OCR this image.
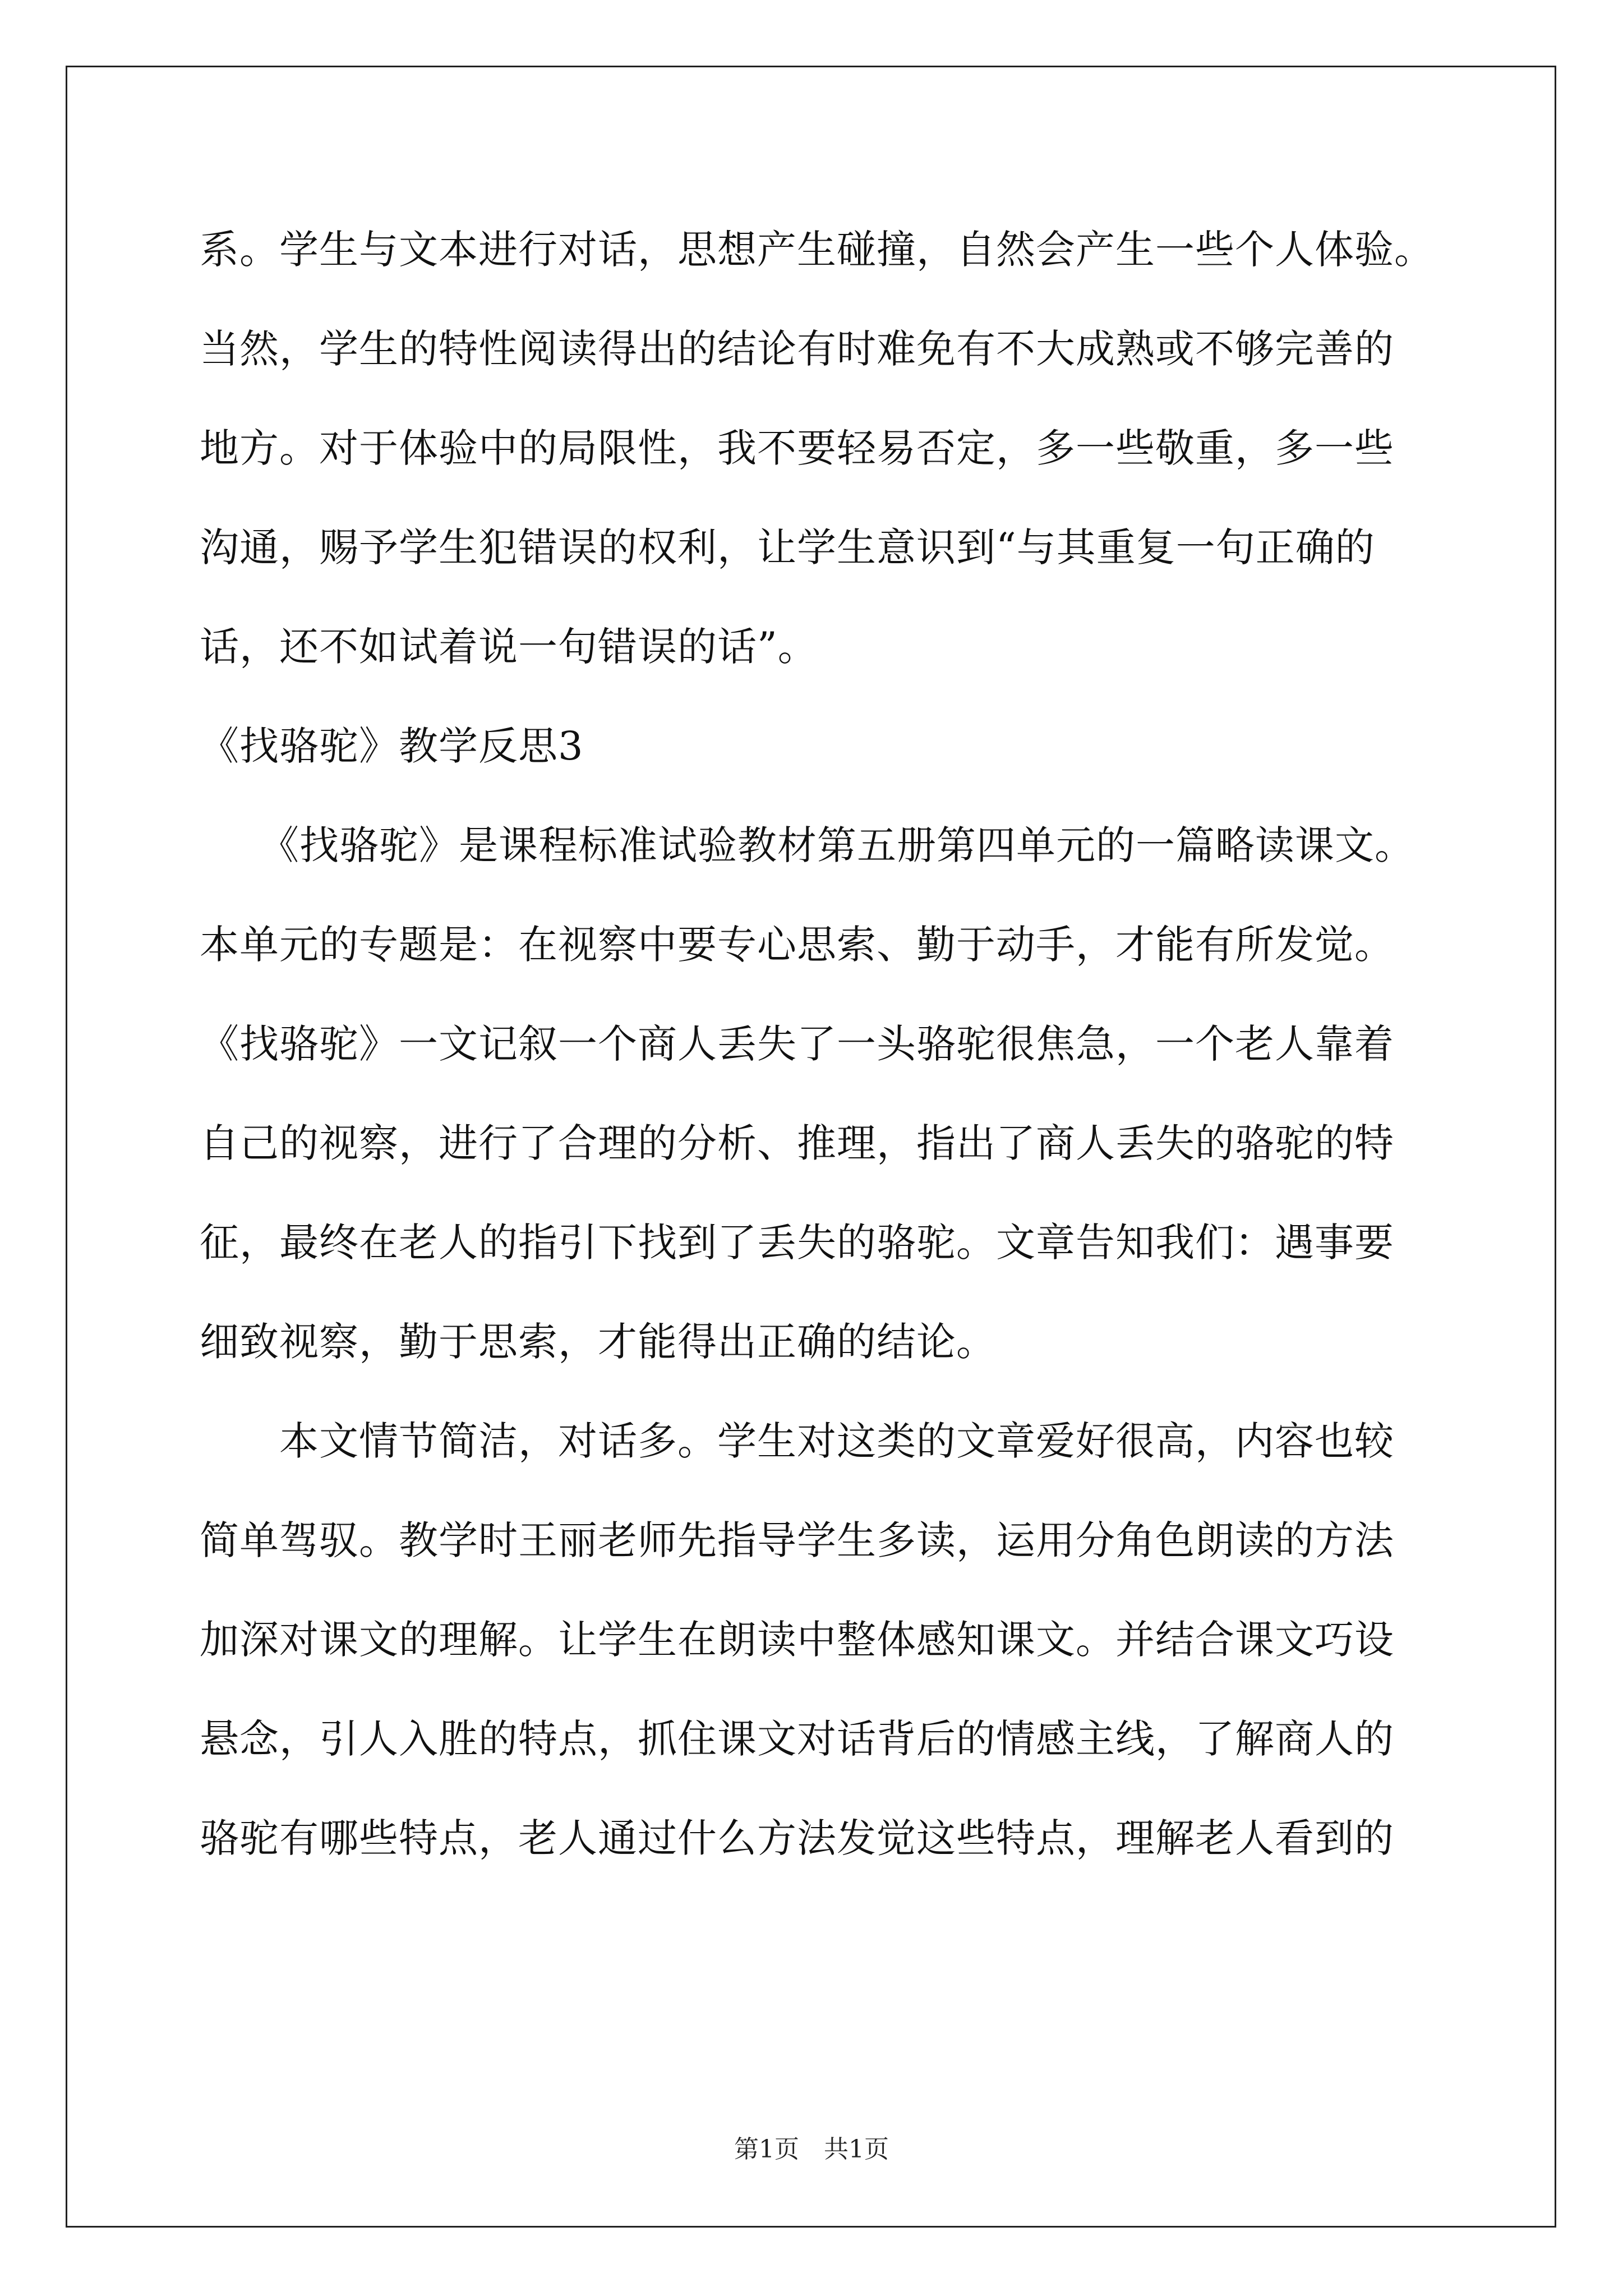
系。学生与文本进行对话，思想产生碰撞，自然会产生一些个人体验。
当然，学生的特性阅读得出的结论有时难免有不大成熟或不够完善的
地方。对于体验中的局限性，我不要轻易否定，多一些敬重，多一些
沟通，赐予学生犯错误的权利，让学生意识到“与其重复一句正确的
话，还不如试着说一句错误的话”。
《找骆驼》教学反思3
　　《找骆驼》是课程标准试验教材第五册第四单元的一篇略读课文。
本单元的专题是：在视察中要专心思索、勤于动手，才能有所发觉。
《找骆驼》一文记叙一个商人丢失了一头骆驼很焦急，一个老人靠着
自己的视察，进行了合理的分析、推理，指出了商人丢失的骆驼的特
征，最终在老人的指引下找到了丢失的骆驼。文章告知我们：遇事要
细致视察，勤于思索，才能得出正确的结论。
　　本文情节简洁，对话多。学生对这类的文章爱好很高，内容也较
简单驾驭。教学时王丽老师先指导学生多读，运用分角色朗读的方法
加深对课文的理解。让学生在朗读中整体感知课文。并结合课文巧设
悬念，引人入胜的特点，抓住课文对话背后的情感主线，了解商人的
骆驼有哪些特点，老人通过什么方法发觉这些特点，理解老人看到的
第1页　共1页
